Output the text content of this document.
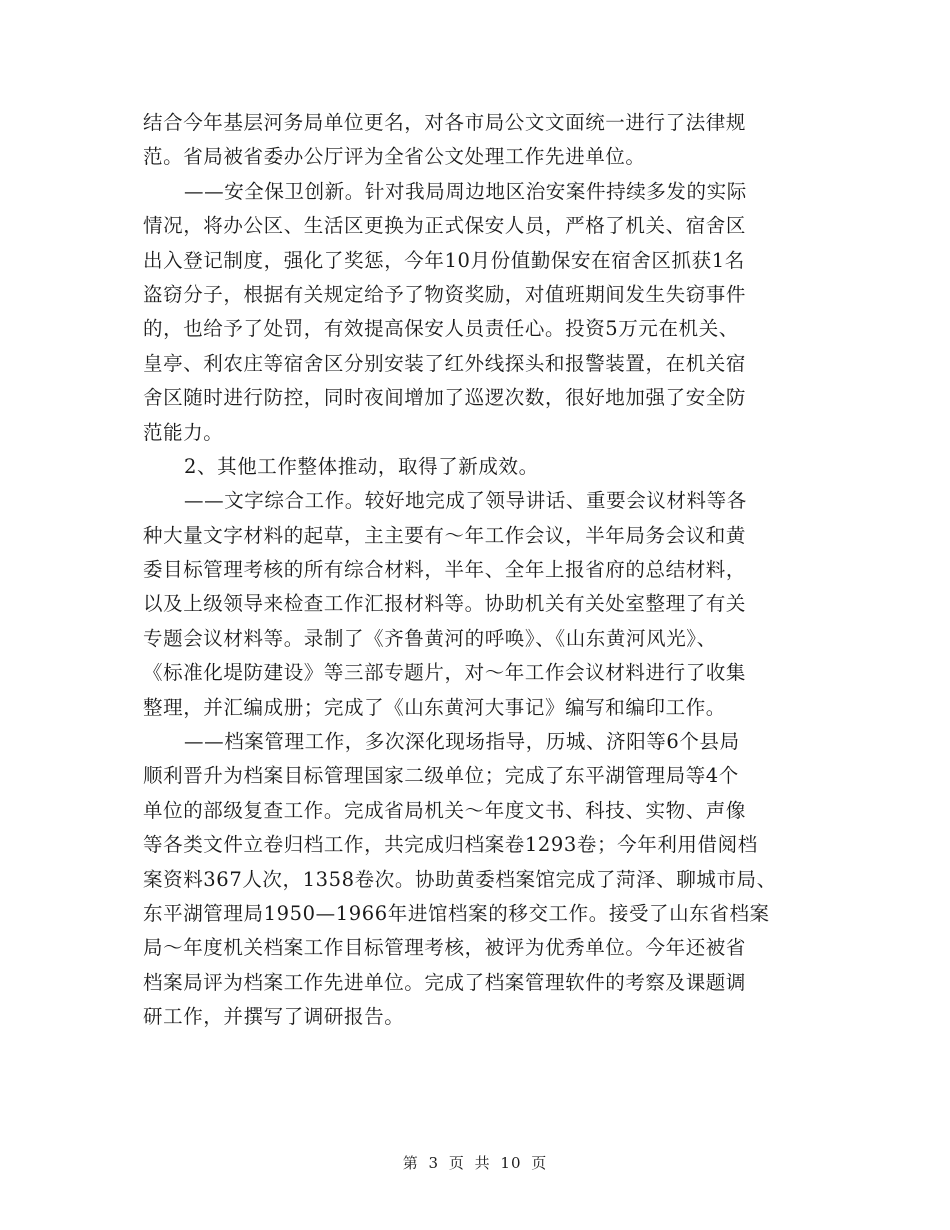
结合今年基层河务局单位更名，对各市局公文文面统一进行了法律规
范。省局被省委办公厅评为全省公文处理工作先进单位。
——安全保卫创新。针对我局周边地区治安案件持续多发的实际
情况，将办公区、生活区更换为正式保安人员，严格了机关、宿舍区
出入登记制度，强化了奖惩，今年10月份值勤保安在宿舍区抓获1名
盗窃分子，根据有关规定给予了物资奖励，对值班期间发生失窃事件
的，也给予了处罚，有效提高保安人员责任心。投资5万元在机关、
皇亭、利农庄等宿舍区分别安装了红外线探头和报警装置，在机关宿
舍区随时进行防控，同时夜间增加了巡逻次数，很好地加强了安全防
范能力。
2、其他工作整体推动，取得了新成效。
——文字综合工作。较好地完成了领导讲话、重要会议材料等各
种大量文字材料的起草，主主要有～年工作会议，半年局务会议和黄
委目标管理考核的所有综合材料，半年、全年上报省府的总结材料，
以及上级领导来检查工作汇报材料等。协助机关有关处室整理了有关
专题会议材料等。录制了《齐鲁黄河的呼唤》、《山东黄河风光》、
《标准化堤防建设》等三部专题片，对～年工作会议材料进行了收集
整理，并汇编成册；完成了《山东黄河大事记》编写和编印工作。
——档案管理工作，多次深化现场指导，历城、济阳等6个县局
顺利晋升为档案目标管理国家二级单位；完成了东平湖管理局等4个
单位的部级复查工作。完成省局机关～年度文书、科技、实物、声像
等各类文件立卷归档工作，共完成归档案卷1293卷；今年利用借阅档
案资料367人次，1358卷次。协助黄委档案馆完成了菏泽、聊城市局、
东平湖管理局1950—1966年进馆档案的移交工作。接受了山东省档案
局～年度机关档案工作目标管理考核，被评为优秀单位。今年还被省
档案局评为档案工作先进单位。完成了档案管理软件的考察及课题调
研工作，并撰写了调研报告。
第 3 页 共 10 页
